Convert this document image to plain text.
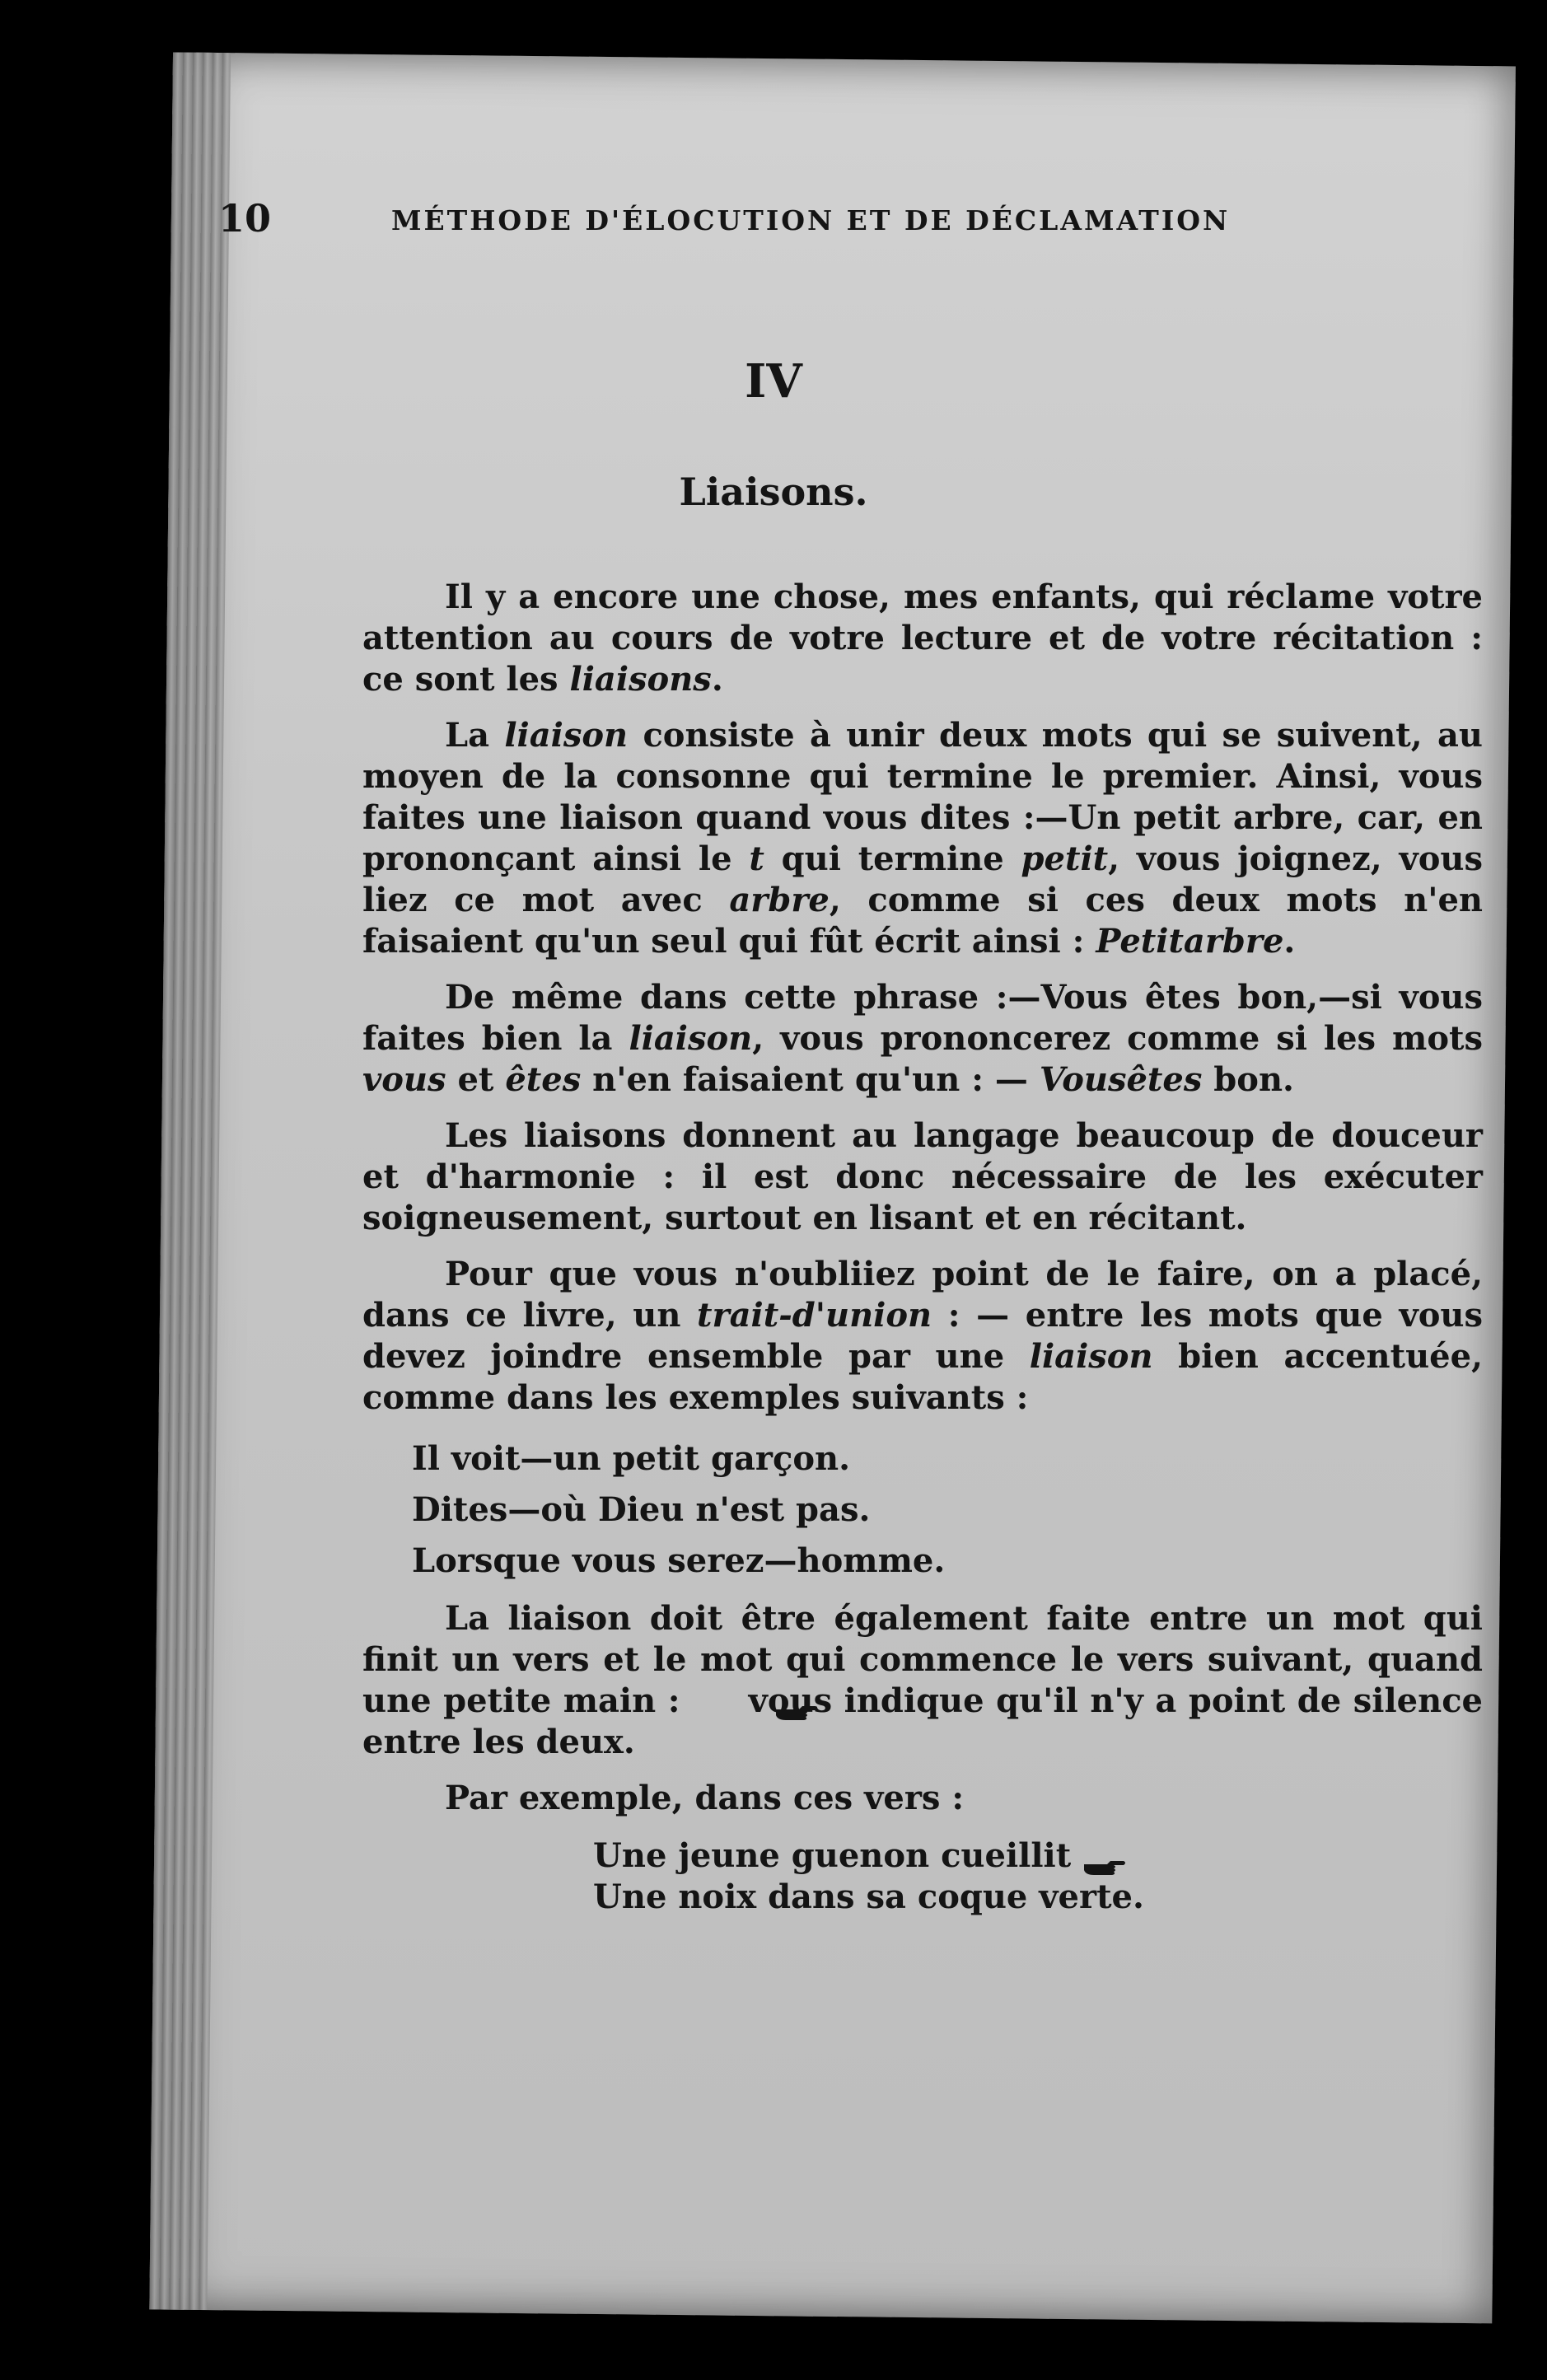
10	MÉTHODE D'ÉLOCUTION ET DE DÉCLAMATION
IV
Liaisons.

Il y a encore une chose, mes enfants, qui réclame votre attention au cours de votre lecture et de votre récitation : ce sont les liaisons.

La liaison consiste à unir deux mots qui se suivent, au moyen de la consonne qui termine le premier. Ainsi, vous faites une liaison quand vous dites :—Un petit arbre, car, en prononçant ainsi le t qui termine petit, vous joignez, vous liez ce mot avec arbre, comme si ces deux mots n'en faisaient qu'un seul qui fût écrit ainsi : Petitarbre.

De même dans cette phrase :—Vous êtes bon,—si vous faites bien la liaison, vous prononcerez comme si les mots vous et êtes n'en faisaient qu'un : — Vousêtes bon.

Les liaisons donnent au langage beaucoup de douceur et d'harmonie : il est donc nécessaire de les exécuter soigneusement, surtout en lisant et en récitant.

Pour que vous n'oubliiez point de le faire, on a placé, dans ce livre, un trait-d'union : — entre les mots que vous devez joindre ensemble par une liaison bien accentuée, comme dans les exemples suivants :

Il voit—un petit garçon.
Dites—où Dieu n'est pas.
Lorsque vous serez—homme.

La liaison doit être également faite entre un mot qui finit un vers et le mot qui commence le vers suivant, quand une petite main :  vous indique qu'il n'y a point de silence entre les deux.

Par exemple, dans ces vers :

Une jeune guenon cueillit
Une noix dans sa coque verte.
